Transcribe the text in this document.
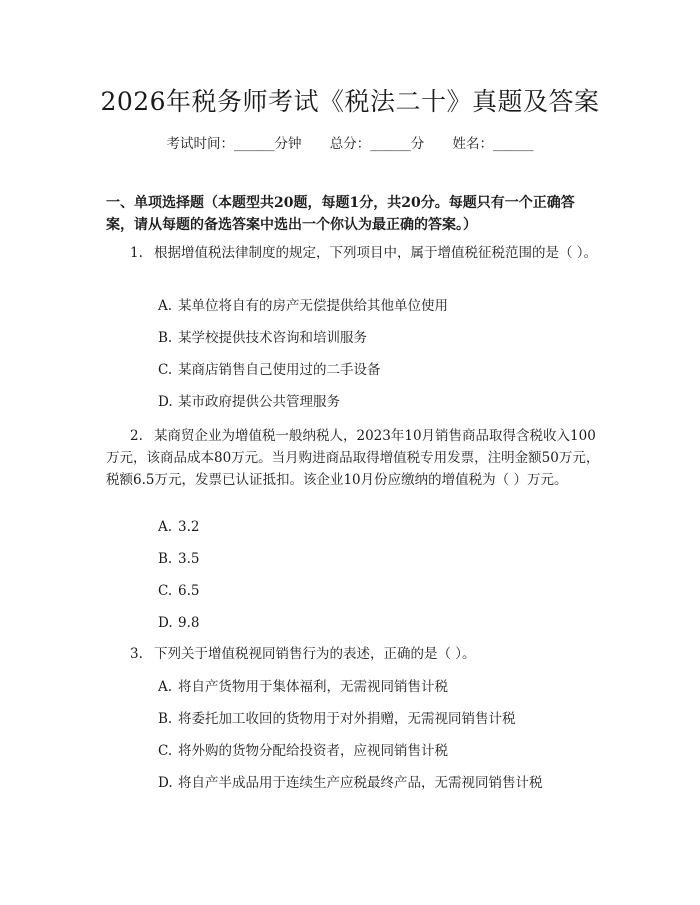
2026年税务师考试《税法二十》真题及答案
考试时间：______分钟 总分：______分 姓名：______
一、单项选择题（本题型共20题，每题1分，共20分。每题只有一个正确答案，请从每题的备选答案中选出一个你认为最正确的答案。）
1. 根据增值税法律制度的规定，下列项目中，属于增值税征税范围的是（ ）。
A. 某单位将自有的房产无偿提供给其他单位使用
B. 某学校提供技术咨询和培训服务
C. 某商店销售自己使用过的二手设备
D. 某市政府提供公共管理服务
2. 某商贸企业为增值税一般纳税人，2023年10月销售商品取得含税收入100万元，该商品成本80万元。当月购进商品取得增值税专用发票，注明金额50万元，税额6.5万元，发票已认证抵扣。该企业10月份应缴纳的增值税为（ ）万元。
A. 3.2
B. 3.5
C. 6.5
D. 9.8
3. 下列关于增值税视同销售行为的表述，正确的是（ ）。
A. 将自产货物用于集体福利，无需视同销售计税
B. 将委托加工收回的货物用于对外捐赠，无需视同销售计税
C. 将外购的货物分配给投资者，应视同销售计税
D. 将自产半成品用于连续生产应税最终产品，无需视同销售计税
